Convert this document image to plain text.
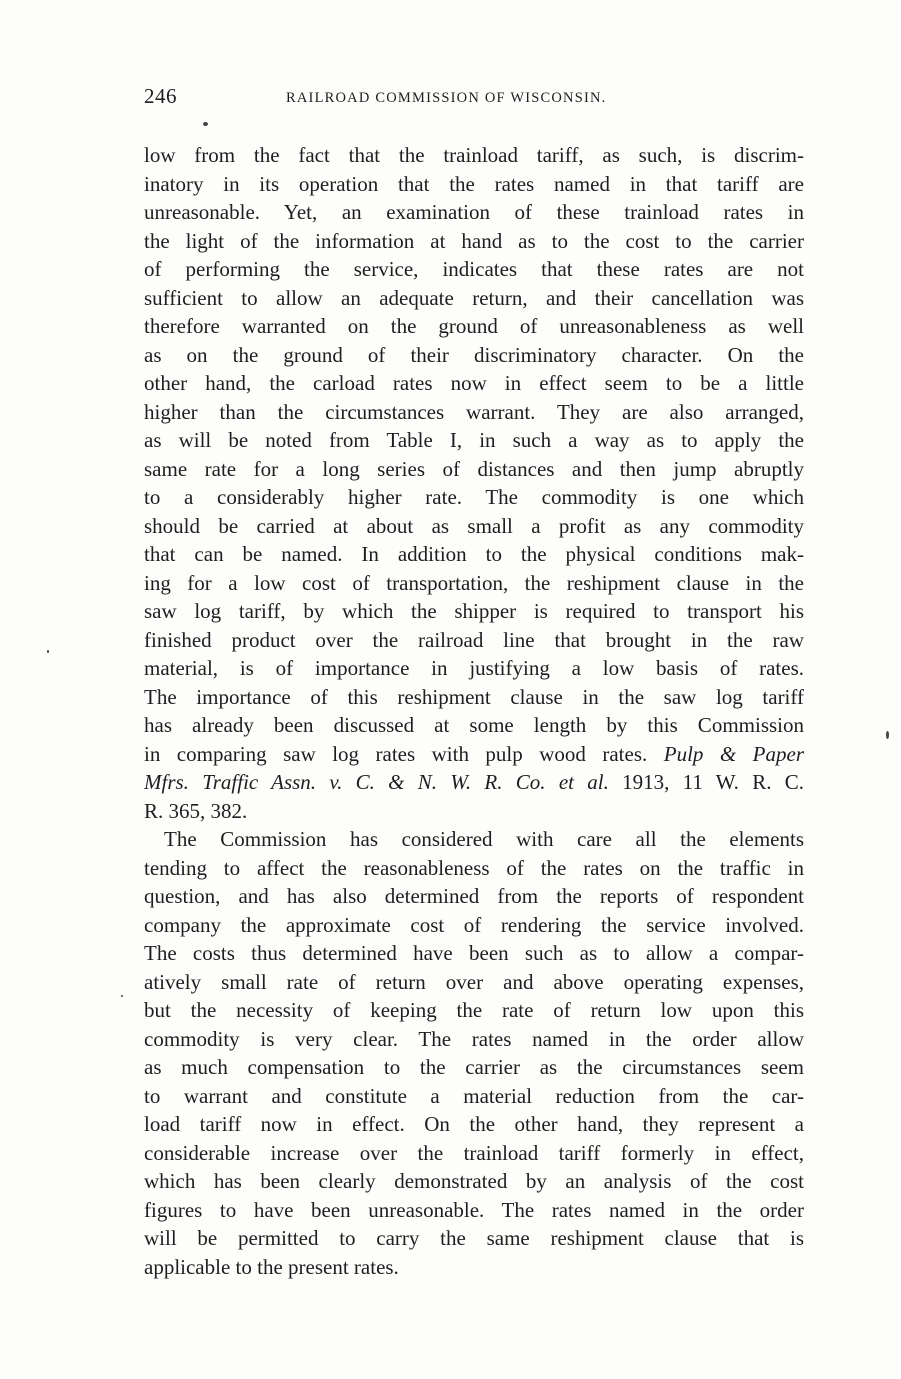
246	RAILROAD COMMISSION OF WISCONSIN.

low from the fact that the trainload tariff, as such, is discrim-
inatory in its operation that the rates named in that tariff are
unreasonable. Yet, an examination of these trainload rates in
the light of the information at hand as to the cost to the carrier
of performing the service, indicates that these rates are not
sufficient to allow an adequate return, and their cancellation was
therefore warranted on the ground of unreasonableness as well
as on the ground of their discriminatory character. On the
other hand, the carload rates now in effect seem to be a little
higher than the circumstances warrant. They are also arranged,
as will be noted from Table I, in such a way as to apply the
same rate for a long series of distances and then jump abruptly
to a considerably higher rate. The commodity is one which
should be carried at about as small a profit as any commodity
that can be named. In addition to the physical conditions mak-
ing for a low cost of transportation, the reshipment clause in the
saw log tariff, by which the shipper is required to transport his
finished product over the railroad line that brought in the raw
material, is of importance in justifying a low basis of rates.
The importance of this reshipment clause in the saw log tariff
has already been discussed at some length by this Commission
in comparing saw log rates with pulp wood rates. Pulp & Paper
Mfrs. Traffic Assn. v. C. & N. W. R. Co. et al. 1913, 11 W. R. C.
R. 365, 382.

The Commission has considered with care all the elements
tending to affect the reasonableness of the rates on the traffic in
question, and has also determined from the reports of respondent
company the approximate cost of rendering the service involved.
The costs thus determined have been such as to allow a compar-
atively small rate of return over and above operating expenses,
but the necessity of keeping the rate of return low upon this
commodity is very clear. The rates named in the order allow
as much compensation to the carrier as the circumstances seem
to warrant and constitute a material reduction from the car-
load tariff now in effect. On the other hand, they represent a
considerable increase over the trainload tariff formerly in effect,
which has been clearly demonstrated by an analysis of the cost
figures to have been unreasonable. The rates named in the order
will be permitted to carry the same reshipment clause that is
applicable to the present rates.
